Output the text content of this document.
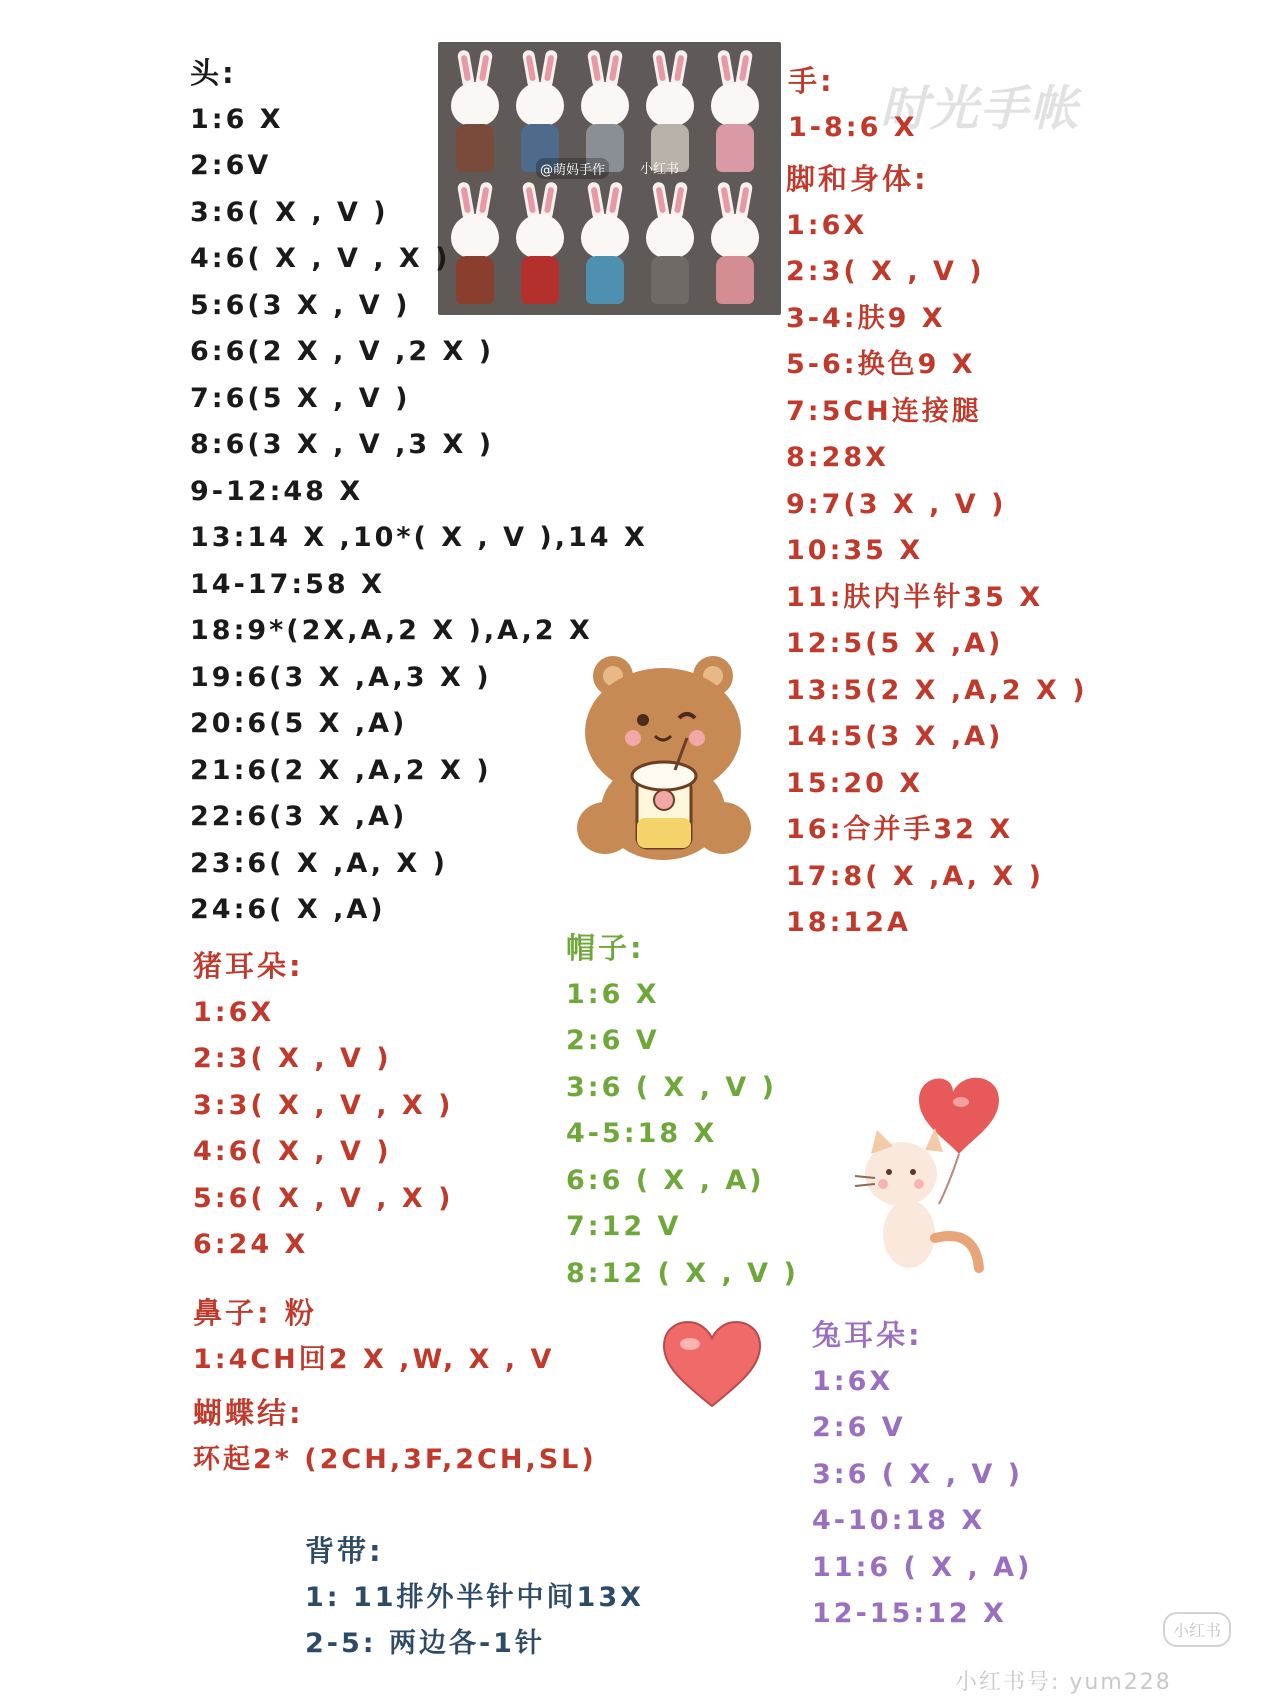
@萌妈手作	小红书
时光手帐
头:
1:6 X
2:6V
3:6( X , V )
4:6( X , V , X )
5:6(3 X , V )
6:6(2 X , V ,2 X )
7:6(5 X , V )
8:6(3 X , V ,3 X )
9-12:48 X
13:14 X ,10*( X , V ),14 X
14-17:58 X
18:9*(2X,A,2 X ),A,2 X
19:6(3 X ,A,3 X )
20:6(5 X ,A)
21:6(2 X ,A,2 X )
22:6(3 X ,A)
23:6( X ,A, X )
24:6( X ,A)
猪耳朵:
1:6X
2:3( X , V )
3:3( X , V , X )
4:6( X , V )
5:6( X , V , X )
6:24 X
鼻子: 粉
1:4CH回2 X ,W, X , V
蝴蝶结:
环起2* (2CH,3F,2CH,SL)
背带:
1: 11排外半针中间13X
2-5: 两边各-1针
手:
1-8:6 X
脚和身体:
1:6X
2:3( X , V )
3-4:肤9 X
5-6:换色9 X
7:5CH连接腿
8:28X
9:7(3 X , V )
10:35 X
11:肤内半针35 X
12:5(5 X ,A)
13:5(2 X ,A,2 X )
14:5(3 X ,A)
15:20 X
16:合并手32 X
17:8( X ,A, X )
18:12A
帽子:
1:6 X
2:6 V
3:6 ( X , V )
4-5:18 X
6:6 ( X , A)
7:12 V
8:12 ( X , V )
兔耳朵:
1:6X
2:6 V
3:6 ( X , V )
4-10:18 X
11:6 ( X , A)
12-15:12 X
小红书
小红书号: yum228
